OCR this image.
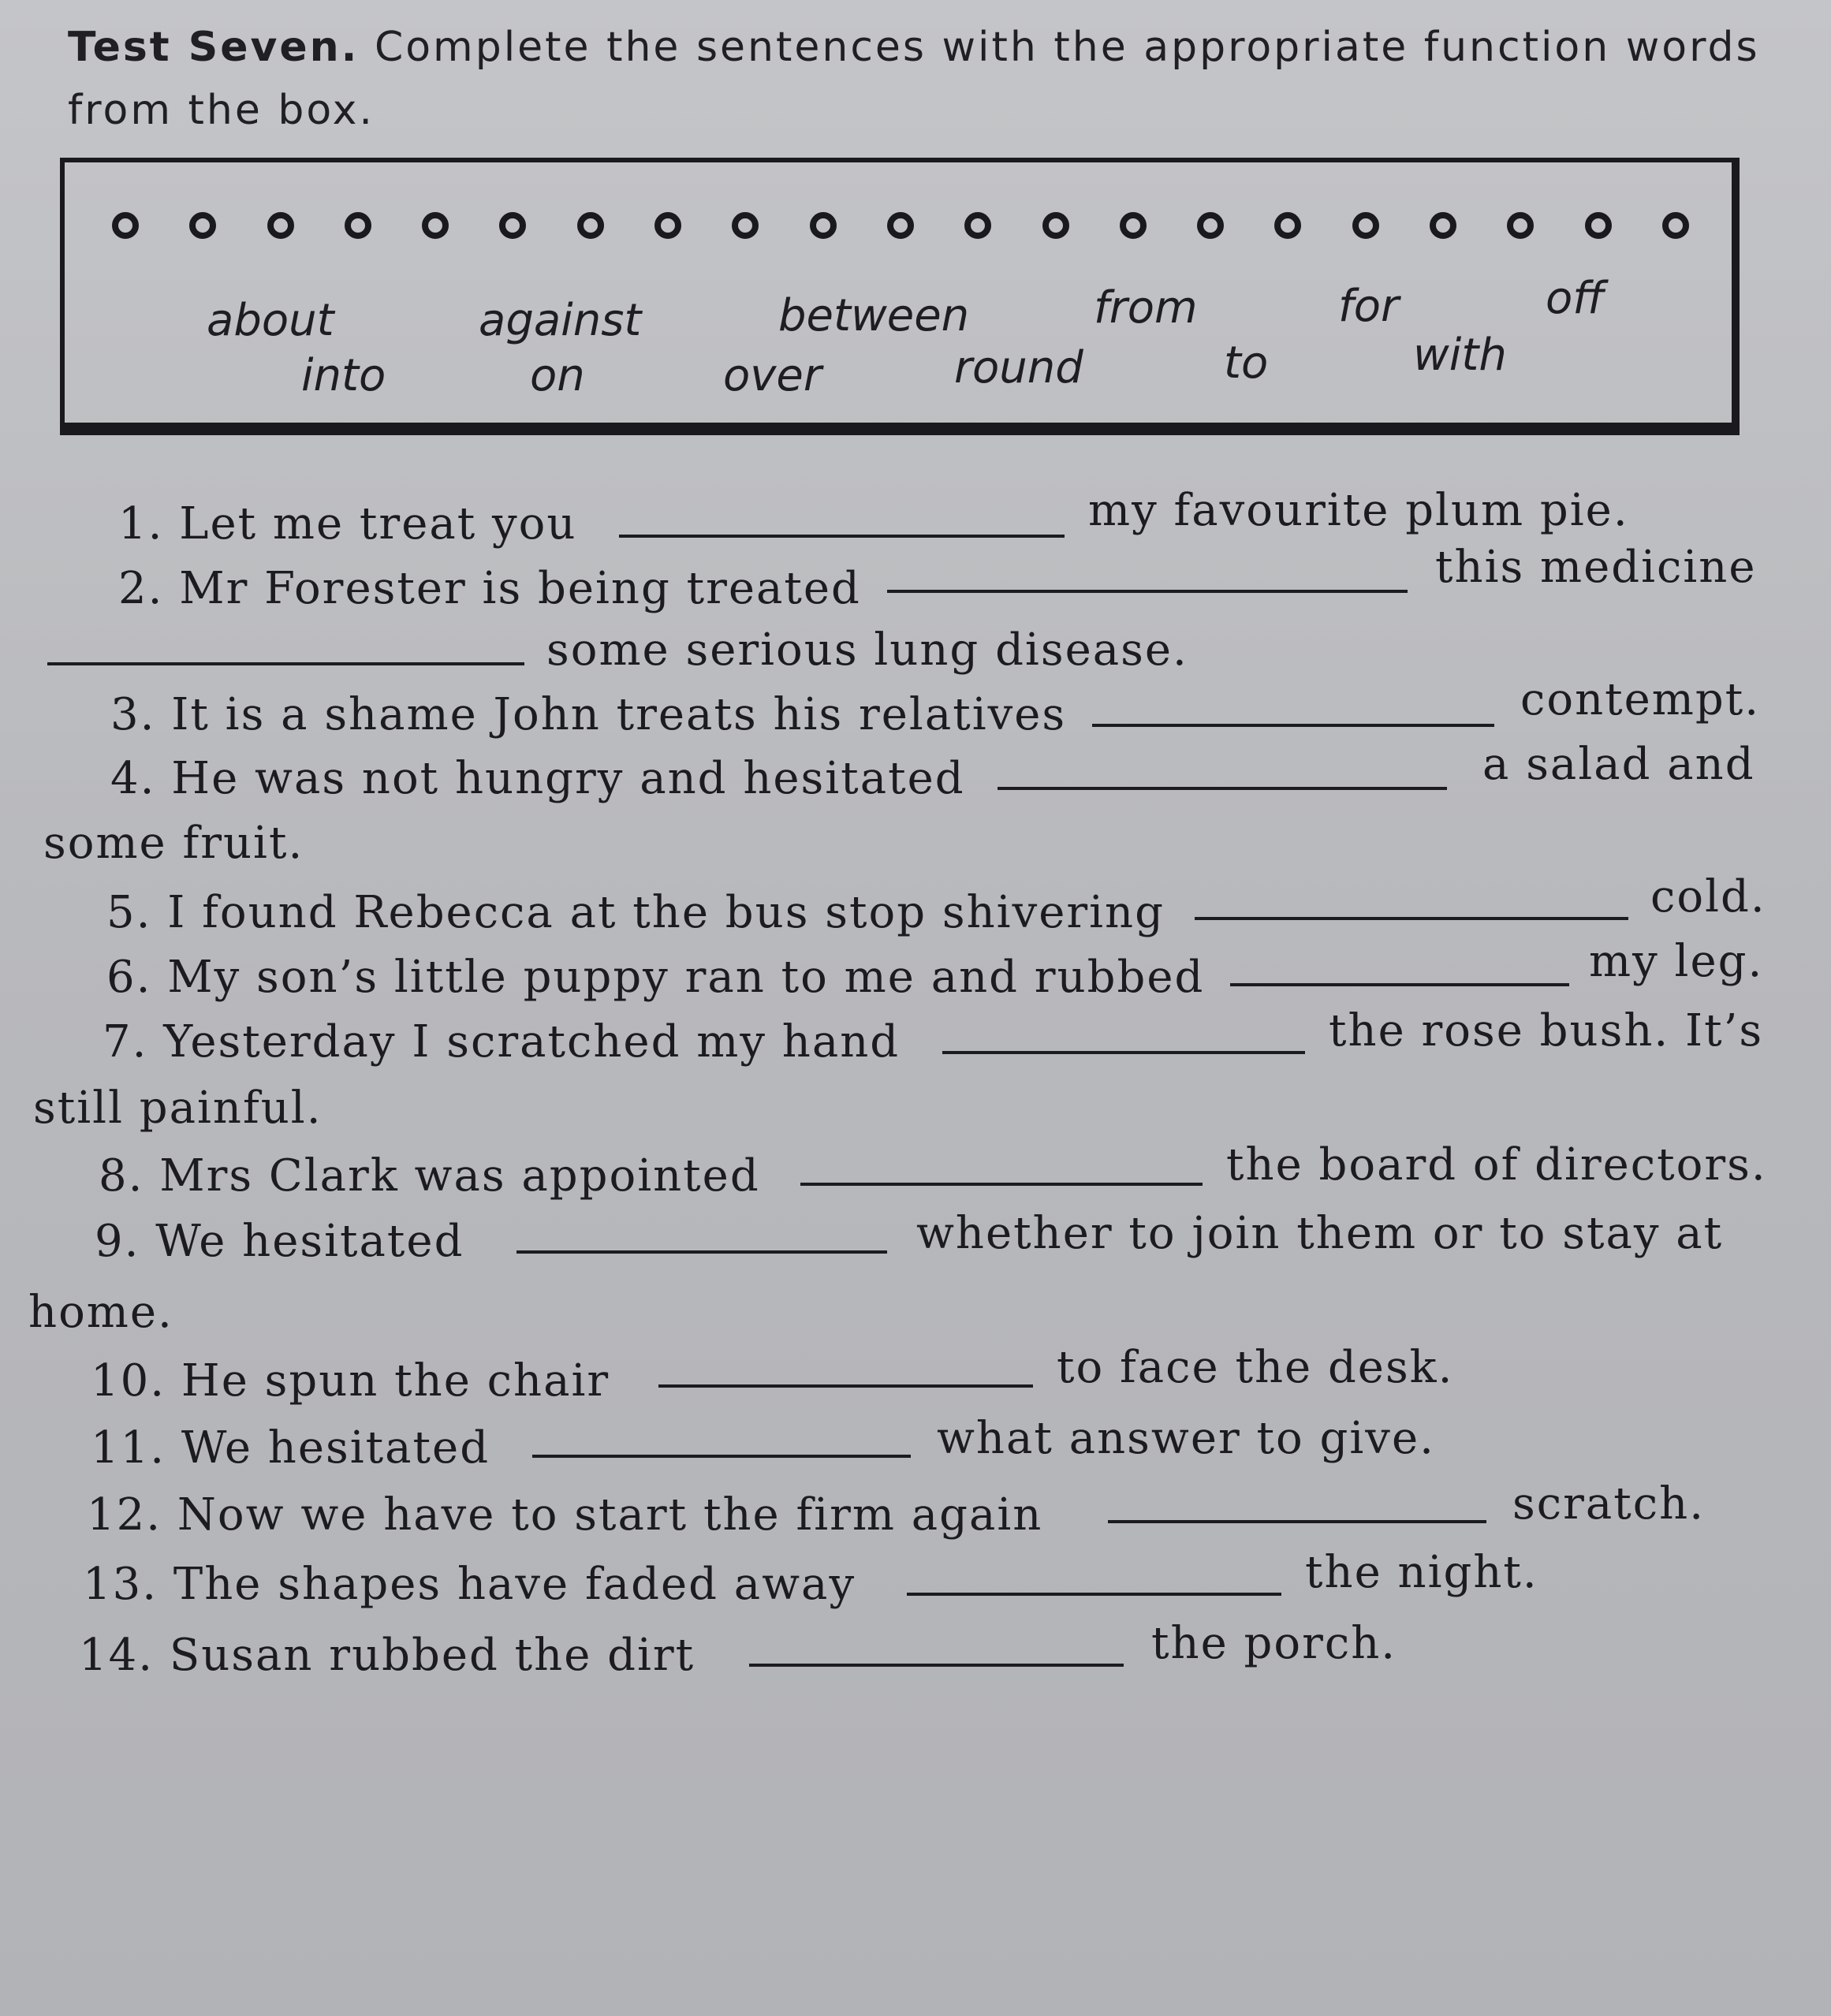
Test Seven. Complete the sentences with the appropriate function words
from the box.
about	against	between	from	for	off
into	on	over	round	to	with
1. Let me treat you	my favourite plum pie.
2. Mr Forester is being treated	this medicine
some serious lung disease.
3. It is a shame John treats his relatives	contempt.
4. He was not hungry and hesitated	a salad and
some fruit.
5. I found Rebecca at the bus stop shivering	cold.
6. My son’s little puppy ran to me and rubbed	my leg.
7. Yesterday I scratched my hand	the rose bush. It’s
still painful.
8. Mrs Clark was appointed	the board of directors.
9. We hesitated	whether to join them or to stay at
home.
10. He spun the chair	to face the desk.
11. We hesitated	what answer to give.
12. Now we have to start the firm again	scratch.
13. The shapes have faded away	the night.
14. Susan rubbed the dirt	the porch.
